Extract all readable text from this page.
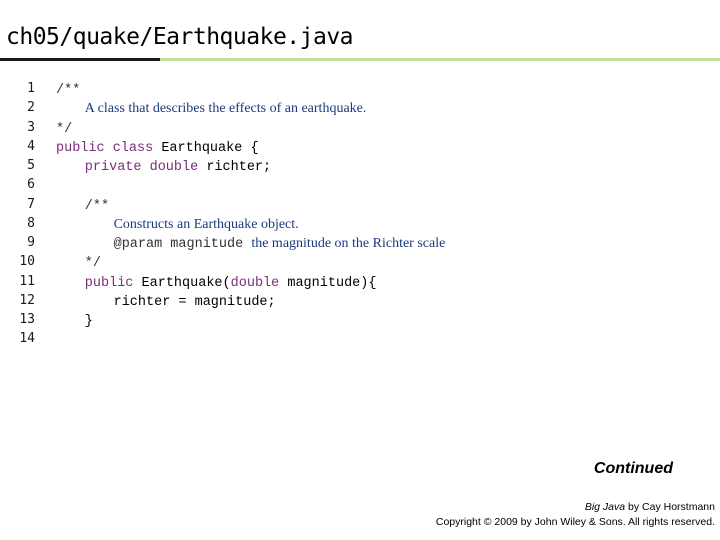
ch05/quake/Earthquake.java
1 /**
2	A class that describes the effects of an earthquake.
3 */
4 public class Earthquake {
5	private double richter;
6
7	/**
8	Constructs an Earthquake object.
9	@param magnitude the magnitude on the Richter scale
10	*/
11	public Earthquake(double magnitude){
12	richter = magnitude;
13	}
14

Continued

Big Java by Cay Horstmann
Copyright © 2009 by John Wiley & Sons. All rights reserved.
